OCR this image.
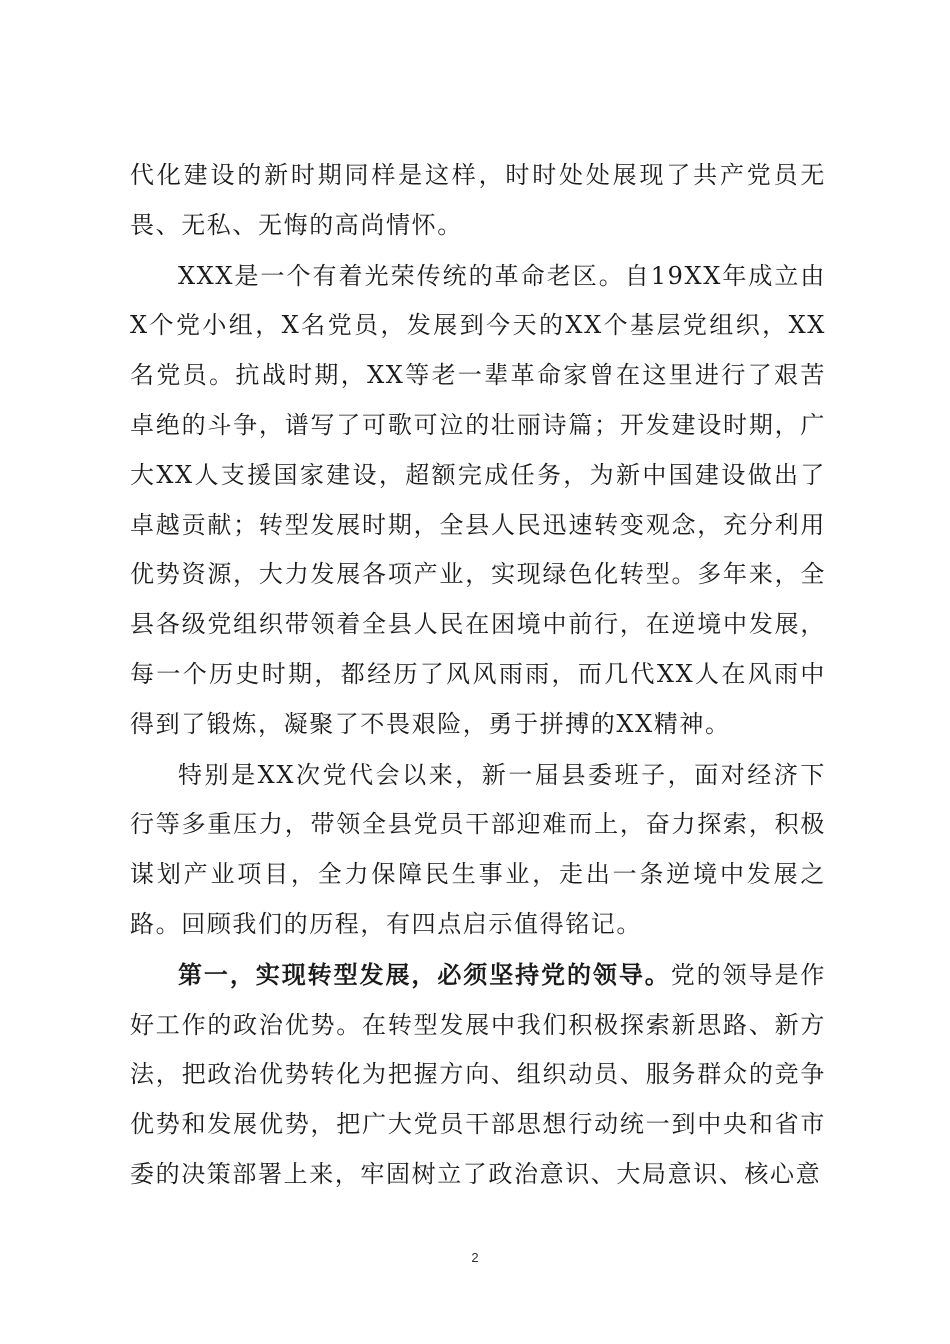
代化建设的新时期同样是这样，时时处处展现了共产党员无畏、无私、无悔的高尚情怀。

XXX是一个有着光荣传统的革命老区。自19XX年成立由X个党小组，X名党员，发展到今天的XX个基层党组织，XX名党员。抗战时期，XX等老一辈革命家曾在这里进行了艰苦卓绝的斗争，谱写了可歌可泣的壮丽诗篇；开发建设时期，广大XX人支援国家建设，超额完成任务，为新中国建设做出了卓越贡献；转型发展时期，全县人民迅速转变观念，充分利用优势资源，大力发展各项产业，实现绿色化转型。多年来，全县各级党组织带领着全县人民在困境中前行，在逆境中发展，每一个历史时期，都经历了风风雨雨，而几代XX人在风雨中得到了锻炼，凝聚了不畏艰险，勇于拼搏的XX精神。

特别是XX次党代会以来，新一届县委班子，面对经济下行等多重压力，带领全县党员干部迎难而上，奋力探索，积极谋划产业项目，全力保障民生事业，走出一条逆境中发展之路。回顾我们的历程，有四点启示值得铭记。

第一，实现转型发展，必须坚持党的领导。党的领导是作好工作的政治优势。在转型发展中我们积极探索新思路、新方法，把政治优势转化为把握方向、组织动员、服务群众的竞争优势和发展优势，把广大党员干部思想行动统一到中央和省市委的决策部署上来，牢固树立了政治意识、大局意识、核心意

2
